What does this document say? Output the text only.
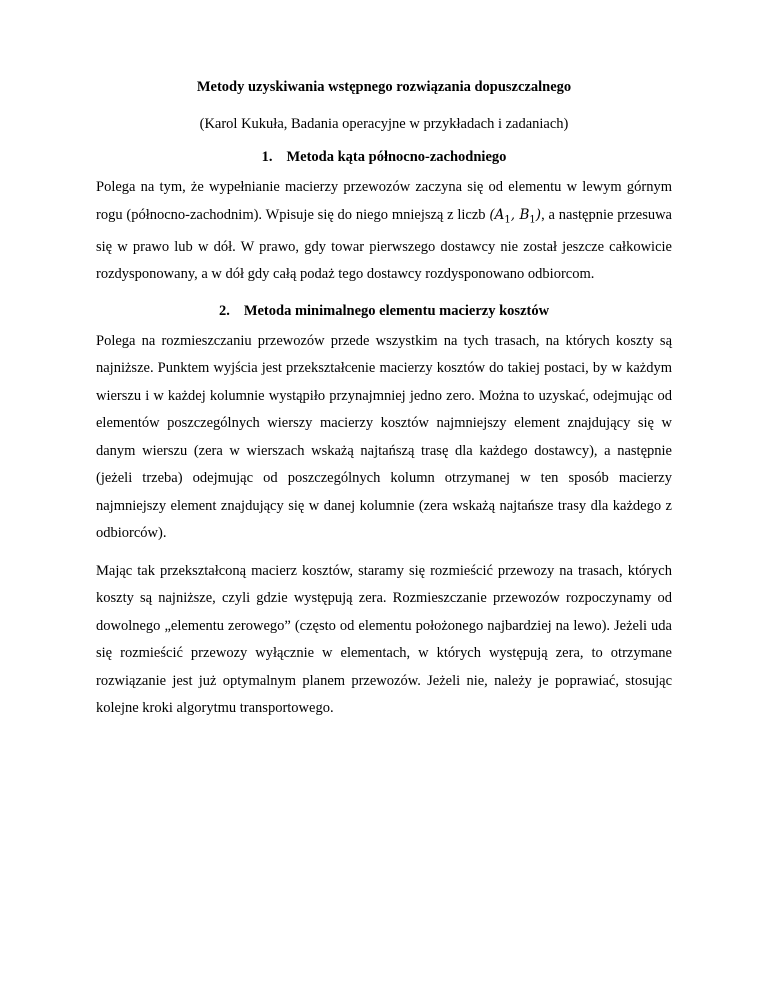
Metody uzyskiwania wstępnego rozwiązania dopuszczalnego
(Karol Kukuła, Badania operacyjne w przykładach i zadaniach)
1. Metoda kąta północno-zachodniego

Polega na tym, że wypełnianie macierzy przewozów zaczyna się od elementu w lewym górnym rogu (północno-zachodnim). Wpisuje się do niego mniejszą z liczb ($A_1$, $B_1$), a następnie przesuwa się w prawo lub w dół. W prawo, gdy towar pierwszego dostawcy nie został jeszcze całkowicie rozdysponowany, a w dół gdy całą podaż tego dostawcy rozdysponowano odbiorcom.

2. Metoda minimalnego elementu macierzy kosztów

Polega na rozmieszczaniu przewozów przede wszystkim na tych trasach, na których koszty są najniższe. Punktem wyjścia jest przekształcenie macierzy kosztów do takiej postaci, by w każdym wierszu i w każdej kolumnie wystąpiło przynajmniej jedno zero. Można to uzyskać, odejmując od elementów poszczególnych wierszy macierzy kosztów najmniejszy element znajdujący się w danym wierszu (zera w wierszach wskażą najtańszą trasę dla każdego dostawcy), a następnie (jeżeli trzeba) odejmując od poszczególnych kolumn otrzymanej w ten sposób macierzy najmniejszy element znajdujący się w danej kolumnie (zera wskażą najtańsze trasy dla każdego z odbiorców).

Mając tak przekształconą macierz kosztów, staramy się rozmieścić przewozy na trasach, których koszty są najniższe, czyli gdzie występują zera. Rozmieszczanie przewozów rozpoczynamy od dowolnego „elementu zerowego” (często od elementu położonego najbardziej na lewo). Jeżeli uda się rozmieścić przewozy wyłącznie w elementach, w których występują zera, to otrzymane rozwiązanie jest już optymalnym planem przewozów. Jeżeli nie, należy je poprawiać, stosując kolejne kroki algorytmu transportowego.
